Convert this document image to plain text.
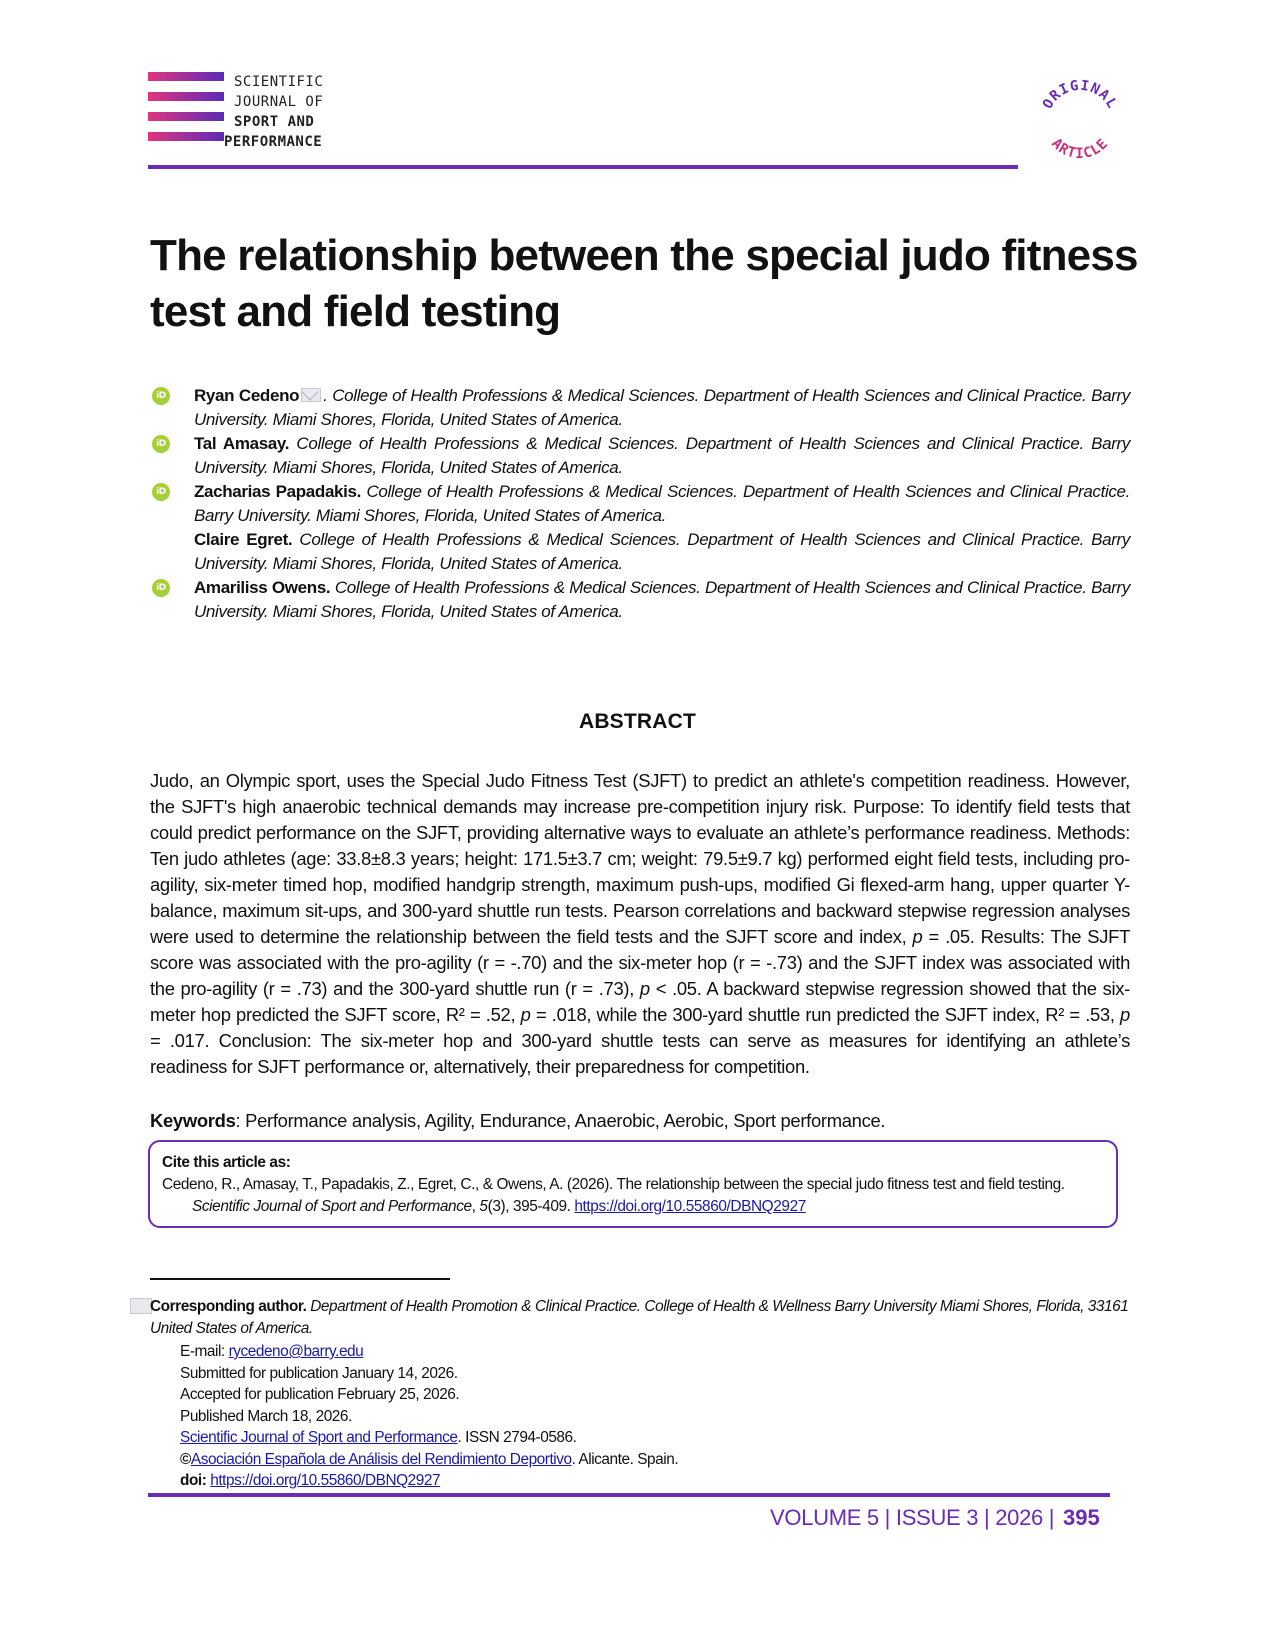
SCIENTIFIC
JOURNAL OF
SPORT AND
PERFORMANCE
ORIGINAL
ARTICLE
The relationship between the special judo fitness test and field testing
iD Ryan Cedeno . College of Health Professions & Medical Sciences. Department of Health Sciences and Clinical Practice. Barry University. Miami Shores, Florida, United States of America.
iD Tal Amasay. College of Health Professions & Medical Sciences. Department of Health Sciences and Clinical Practice. Barry University. Miami Shores, Florida, United States of America.
iD Zacharias Papadakis. College of Health Professions & Medical Sciences. Department of Health Sciences and Clinical Practice. Barry University. Miami Shores, Florida, United States of America.
Claire Egret. College of Health Professions & Medical Sciences. Department of Health Sciences and Clinical Practice. Barry University. Miami Shores, Florida, United States of America.
iD Amariliss Owens. College of Health Professions & Medical Sciences. Department of Health Sciences and Clinical Practice. Barry University. Miami Shores, Florida, United States of America.
ABSTRACT
Judo, an Olympic sport, uses the Special Judo Fitness Test (SJFT) to predict an athlete's competition readiness. However, the SJFT's high anaerobic technical demands may increase pre-competition injury risk. Purpose: To identify field tests that could predict performance on the SJFT, providing alternative ways to evaluate an athlete’s performance readiness. Methods: Ten judo athletes (age: 33.8±8.3 years; height: 171.5±3.7 cm; weight: 79.5±9.7 kg) performed eight field tests, including pro-agility, six-meter timed hop, modified handgrip strength, maximum push-ups, modified Gi flexed-arm hang, upper quarter Y-balance, maximum sit-ups, and 300-yard shuttle run tests. Pearson correlations and backward stepwise regression analyses were used to determine the relationship between the field tests and the SJFT score and index, p = .05. Results: The SJFT score was associated with the pro-agility (r = -.70) and the six-meter hop (r = -.73) and the SJFT index was associated with the pro-agility (r = .73) and the 300-yard shuttle run (r = .73), p < .05. A backward stepwise regression showed that the six-meter hop predicted the SJFT score, R² = .52, p = .018, while the 300-yard shuttle run predicted the SJFT index, R² = .53, p = .017. Conclusion: The six-meter hop and 300-yard shuttle tests can serve as measures for identifying an athlete’s readiness for SJFT performance or, alternatively, their preparedness for competition.
Keywords: Performance analysis, Agility, Endurance, Anaerobic, Aerobic, Sport performance.
Cite this article as:
Cedeno, R., Amasay, T., Papadakis, Z., Egret, C., & Owens, A. (2026). The relationship between the special judo fitness test and field testing.
Scientific Journal of Sport and Performance, 5(3), 395-409. https://doi.org/10.55860/DBNQ2927
Corresponding author. Department of Health Promotion & Clinical Practice. College of Health & Wellness Barry University Miami Shores, Florida, 33161 United States of America.
E-mail: rycedeno@barry.edu
Submitted for publication January 14, 2026.
Accepted for publication February 25, 2026.
Published March 18, 2026.
Scientific Journal of Sport and Performance. ISSN 2794-0586.
©Asociación Española de Análisis del Rendimiento Deportivo. Alicante. Spain.
doi: https://doi.org/10.55860/DBNQ2927
VOLUME 5 | ISSUE 3 | 2026 | 395
